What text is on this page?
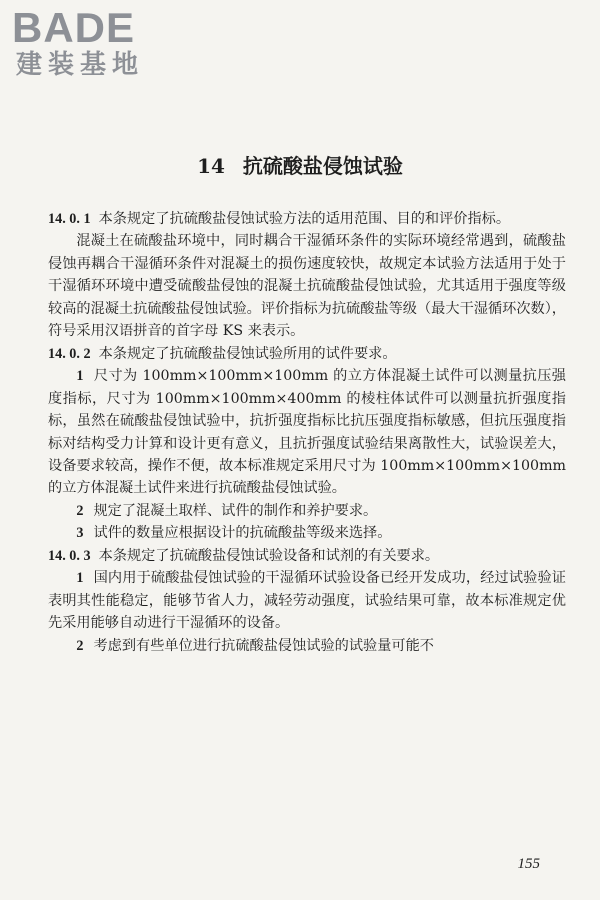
BADE

建装基地

14 抗硫酸盐侵蚀试验

14. 0. 1 本条规定了抗硫酸盐侵蚀试验方法的适用范围、目的和评价指标。

混凝土在硫酸盐环境中，同时耦合干湿循环条件的实际环境经常遇到，硫酸盐侵蚀再耦合干湿循环条件对混凝土的损伤速度较快，故规定本试验方法适用于处于干湿循环环境中遭受硫酸盐侵蚀的混凝土抗硫酸盐侵蚀试验，尤其适用于强度等级较高的混凝土抗硫酸盐侵蚀试验。评价指标为抗硫酸盐等级（最大干湿循环次数），符号采用汉语拼音的首字母 KS 来表示。

14. 0. 2 本条规定了抗硫酸盐侵蚀试验所用的试件要求。

1 尺寸为 100mm×100mm×100mm 的立方体混凝土试件可以测量抗压强度指标，尺寸为 100mm×100mm×400mm 的棱柱体试件可以测量抗折强度指标，虽然在硫酸盐侵蚀试验中，抗折强度指标比抗压强度指标敏感，但抗压强度指标对结构受力计算和设计更有意义，且抗折强度试验结果离散性大，试验误差大，设备要求较高，操作不便，故本标准规定采用尺寸为 100mm×100mm×100mm 的立方体混凝土试件来进行抗硫酸盐侵蚀试验。

2 规定了混凝土取样、试件的制作和养护要求。

3 试件的数量应根据设计的抗硫酸盐等级来选择。

14. 0. 3 本条规定了抗硫酸盐侵蚀试验设备和试剂的有关要求。

1 国内用于硫酸盐侵蚀试验的干湿循环试验设备已经开发成功，经过试验验证表明其性能稳定，能够节省人力，减轻劳动强度，试验结果可靠，故本标准规定优先采用能够自动进行干湿循环的设备。

2 考虑到有些单位进行抗硫酸盐侵蚀试验的试验量可能不

155
